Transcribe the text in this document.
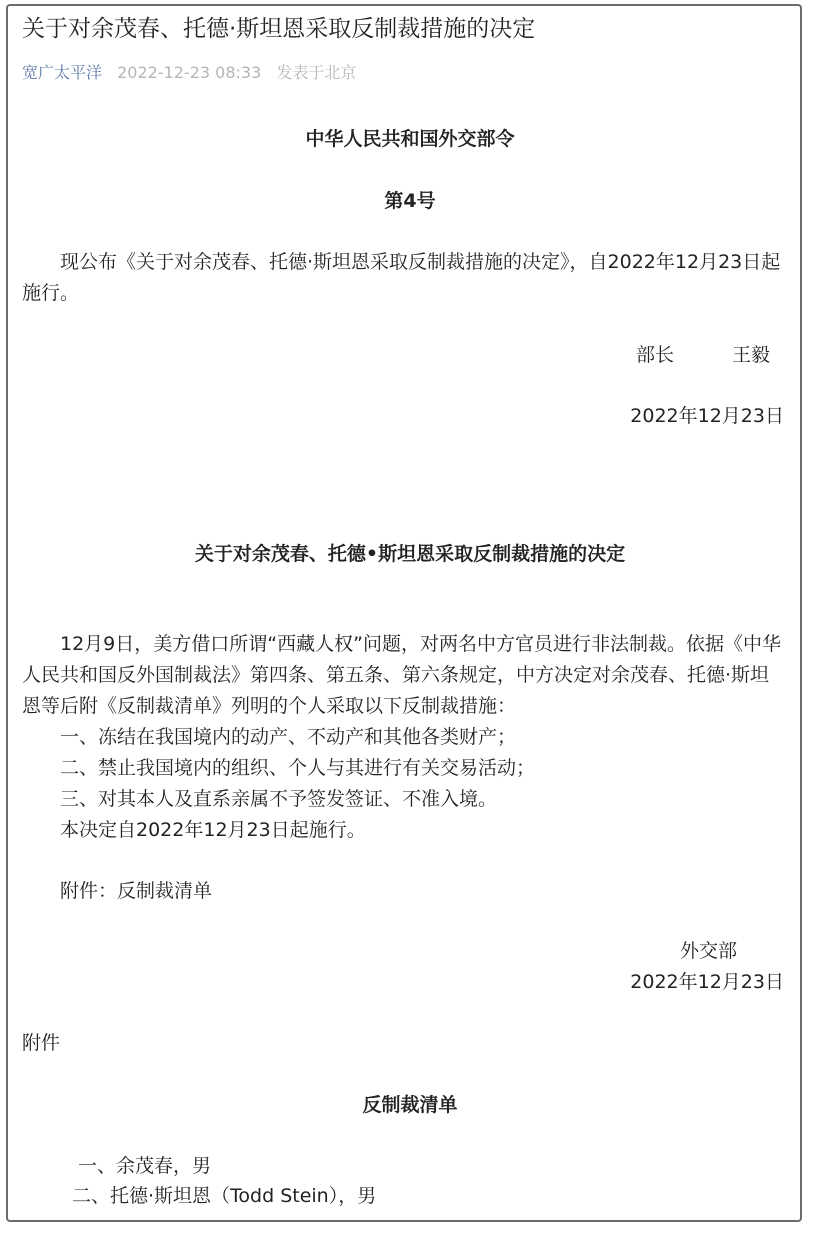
关于对余茂春、托德·斯坦恩采取反制裁措施的决定
宽广太平洋 2022-12-23 08:33 发表于北京
中华人民共和国外交部令
第4号
现公布《关于对余茂春、托德·斯坦恩采取反制裁措施的决定》，自2022年12月23日起施行。
部长	王毅
2022年12月23日
关于对余茂春、托德•斯坦恩采取反制裁措施的决定
12月9日，美方借口所谓“西藏人权”问题，对两名中方官员进行非法制裁。依据《中华人民共和国反外国制裁法》第四条、第五条、第六条规定，中方决定对余茂春、托德·斯坦恩等后附《反制裁清单》列明的个人采取以下反制裁措施：
一、冻结在我国境内的动产、不动产和其他各类财产；
二、禁止我国境内的组织、个人与其进行有关交易活动；
三、对其本人及直系亲属不予签发签证、不准入境。
本决定自2022年12月23日起施行。
附件：反制裁清单
外交部
2022年12月23日
附件
反制裁清单
一、余茂春，男
二、托德·斯坦恩（Todd Stein），男
